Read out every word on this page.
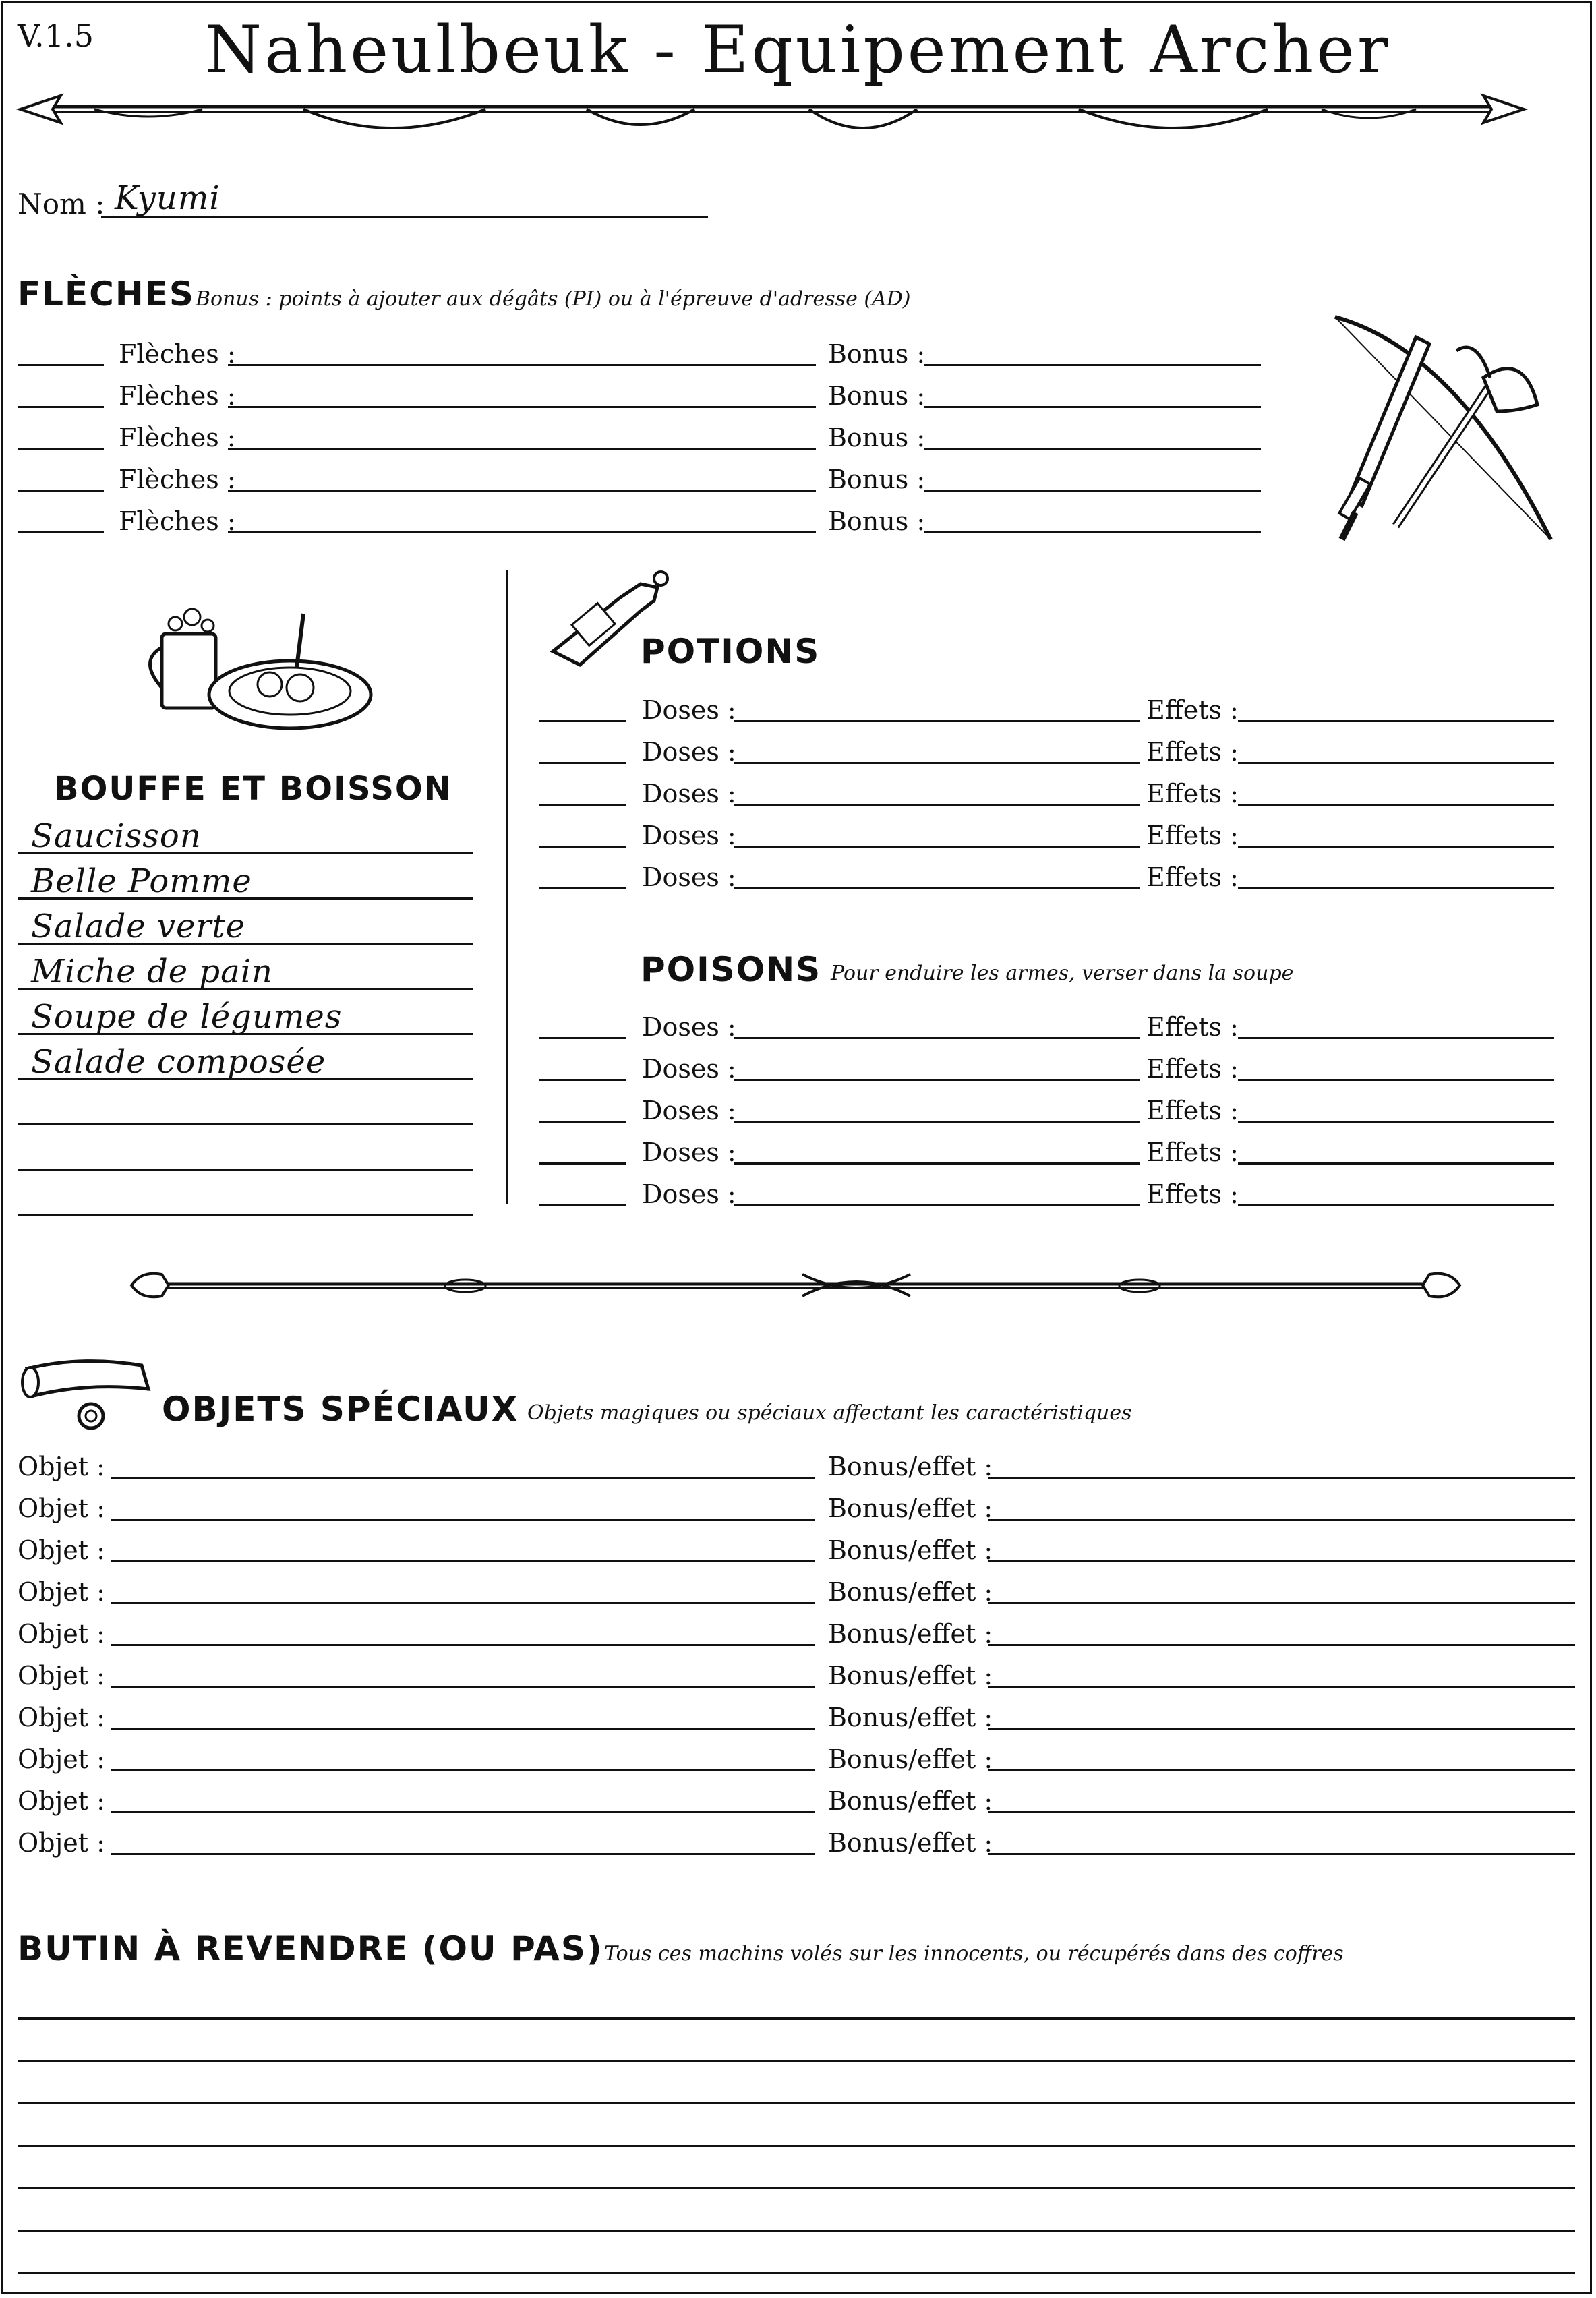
V.1.5	Naheulbeuk - Equipement Archer
Nom : Kyumi
FLÈCHES Bonus : points à ajouter aux dégâts (PI) ou à l'épreuve d'adresse (AD)
BOUFFE ET BOISSON
POTIONS
POISONS Pour enduire les armes, verser dans la soupe
OBJETS SPÉCIAUX Objets magiques ou spéciaux affectant les caractéristiques
BUTIN À REVENDRE (OU PAS) Tous ces machins volés sur les innocents, ou récupérés dans des coffres
Flèches :	Bonus :
Flèches :	Bonus :
Flèches :	Bonus :
Flèches :	Bonus :
Flèches :	Bonus :
Saucisson
Belle Pomme
Salade verte
Miche de pain
Soupe de légumes
Salade composée
Doses :	Effets :
Doses :	Effets :
Doses :	Effets :
Doses :	Effets :
Doses :	Effets :
Doses :	Effets :
Doses :	Effets :
Doses :	Effets :
Doses :	Effets :
Doses :	Effets :
Objet :	Bonus/effet :
Objet :	Bonus/effet :
Objet :	Bonus/effet :
Objet :	Bonus/effet :
Objet :	Bonus/effet :
Objet :	Bonus/effet :
Objet :	Bonus/effet :
Objet :	Bonus/effet :
Objet :	Bonus/effet :
Objet :	Bonus/effet :
